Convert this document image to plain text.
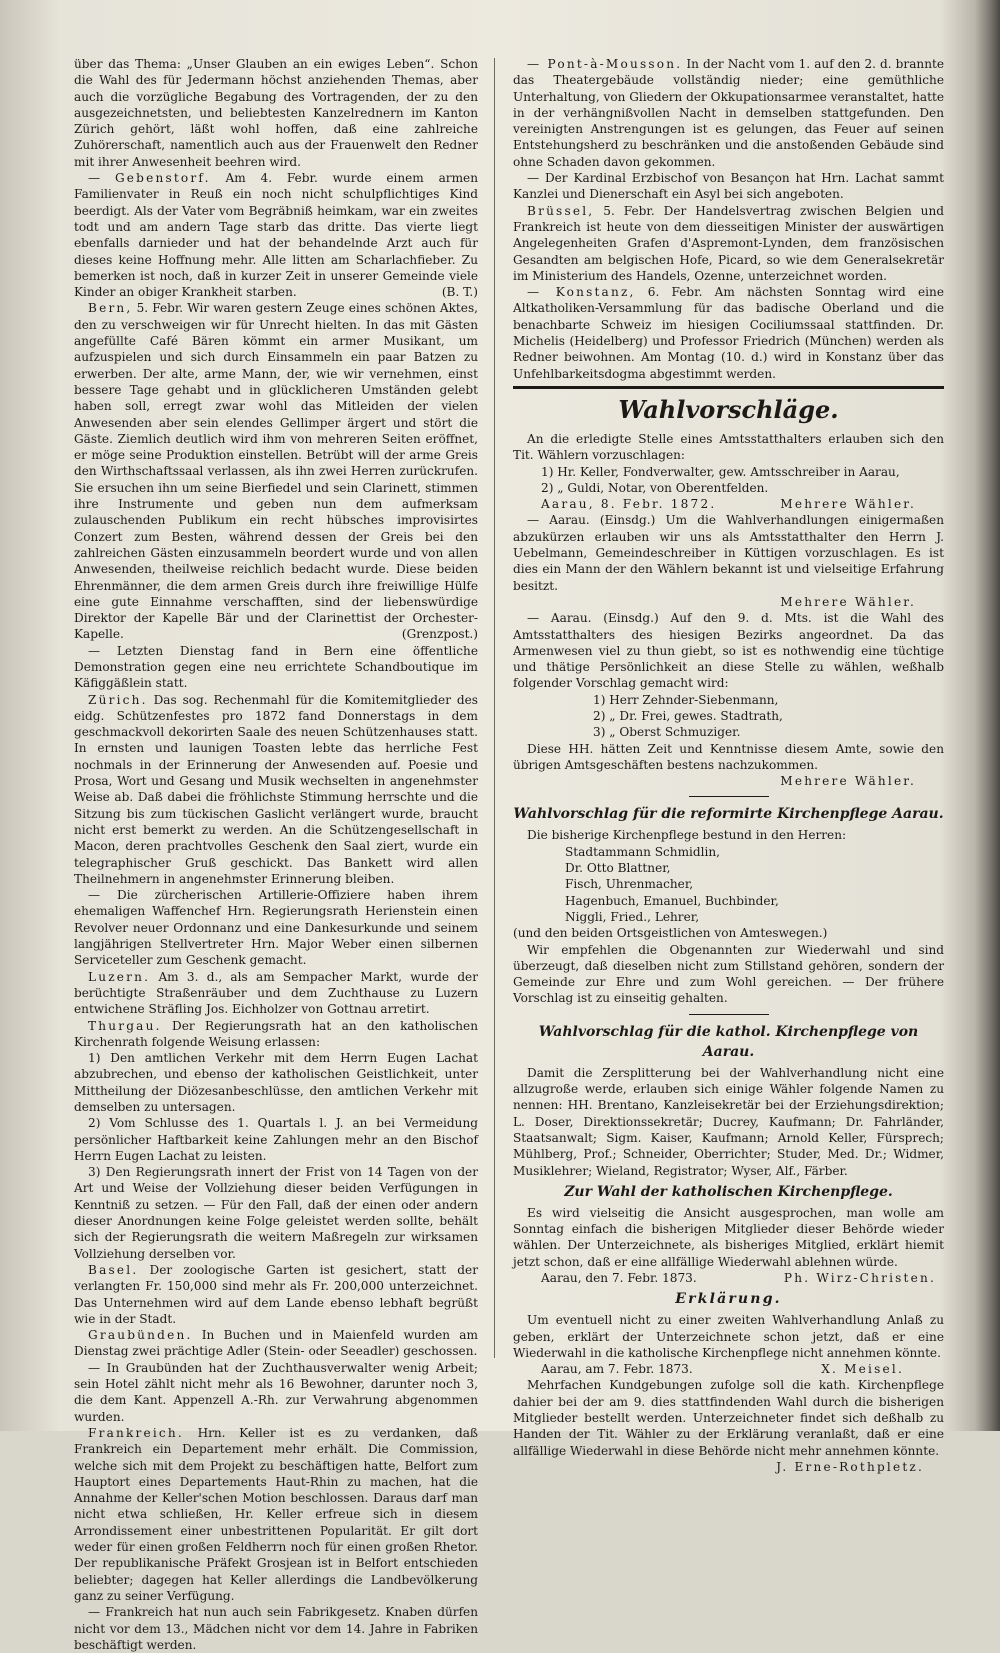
über das Thema: „Unser Glauben an ein ewiges Leben“. Schon die Wahl des für Jedermann höchst anziehenden Themas, aber auch die vorzügliche Begabung des Vortragenden, der zu den ausgezeichnetsten, und beliebtesten Kanzelrednern im Kanton Zürich gehört, läßt wohl hoffen, daß eine zahlreiche Zuhörerschaft, namentlich auch aus der Frauenwelt den Redner mit ihrer Anwesenheit beehren wird.

— Gebenstorf. Am 4. Febr. wurde einem armen Familienvater in Reuß ein noch nicht schulpflichtiges Kind beerdigt. Als der Vater vom Begräbniß heimkam, war ein zweites todt und am andern Tage starb das dritte. Das vierte liegt ebenfalls darnieder und hat der behandelnde Arzt auch für dieses keine Hoffnung mehr. Alle litten am Scharlachfieber. Zu bemerken ist noch, daß in kurzer Zeit in unserer Gemeinde viele Kinder an obiger Krankheit starben.	(B. T.)

Bern, 5. Febr. Wir waren gestern Zeuge eines schönen Aktes, den zu verschweigen wir für Unrecht hielten. In das mit Gästen angefüllte Café Bären kömmt ein armer Musikant, um aufzuspielen und sich durch Einsammeln ein paar Batzen zu erwerben. Der alte, arme Mann, der, wie wir vernehmen, einst bessere Tage gehabt und in glücklicheren Umständen gelebt haben soll, erregt zwar wohl das Mitleiden der vielen Anwesenden aber sein elendes Gellimper ärgert und stört die Gäste. Ziemlich deutlich wird ihm von mehreren Seiten eröffnet, er möge seine Produktion einstellen. Betrübt will der arme Greis den Wirthschaftssaal verlassen, als ihn zwei Herren zurückrufen. Sie ersuchen ihn um seine Bierfiedel und sein Clarinett, stimmen ihre Instrumente und geben nun dem aufmerksam zulauschenden Publikum ein recht hübsches improvisirtes Conzert zum Besten, während dessen der Greis bei den zahlreichen Gästen einzusammeln beordert wurde und von allen Anwesenden, theilweise reichlich bedacht wurde. Diese beiden Ehrenmänner, die dem armen Greis durch ihre freiwillige Hülfe eine gute Einnahme verschafften, sind der liebenswürdige Direktor der Kapelle Bär und der Clarinettist der Orchester-Kapelle.	(Grenzpost.)

— Letzten Dienstag fand in Bern eine öffentliche Demonstration gegen eine neu errichtete Schandboutique im Käfiggäßlein statt.

Zürich. Das sog. Rechenmahl für die Komitemitglieder des eidg. Schützenfestes pro 1872 fand Donnerstags in dem geschmackvoll dekorirten Saale des neuen Schützenhauses statt. In ernsten und launigen Toasten lebte das herrliche Fest nochmals in der Erinnerung der Anwesenden auf. Poesie und Prosa, Wort und Gesang und Musik wechselten in angenehmster Weise ab. Daß dabei die fröhlichste Stimmung herrschte und die Sitzung bis zum tückischen Gaslicht verlängert wurde, braucht nicht erst bemerkt zu werden. An die Schützengesellschaft in Macon, deren prachtvolles Geschenk den Saal ziert, wurde ein telegraphischer Gruß geschickt. Das Bankett wird allen Theilnehmern in angenehmster Erinnerung bleiben.

— Die zürcherischen Artillerie-Offiziere haben ihrem ehemaligen Waffenchef Hrn. Regierungsrath Herienstein einen Revolver neuer Ordonnanz und eine Dankesurkunde und seinem langjährigen Stellvertreter Hrn. Major Weber einen silbernen Serviceteller zum Geschenk gemacht.

Luzern. Am 3. d., als am Sempacher Markt, wurde der berüchtigte Straßenräuber und dem Zuchthause zu Luzern entwichene Sträfling Jos. Eichholzer von Gottnau arretirt.

Thurgau. Der Regierungsrath hat an den katholischen Kirchenrath folgende Weisung erlassen:

1) Den amtlichen Verkehr mit dem Herrn Eugen Lachat abzubrechen, und ebenso der katholischen Geistlichkeit, unter Mittheilung der Diözesanbeschlüsse, den amtlichen Verkehr mit demselben zu untersagen.

2) Vom Schlusse des 1. Quartals l. J. an bei Vermeidung persönlicher Haftbarkeit keine Zahlungen mehr an den Bischof Herrn Eugen Lachat zu leisten.

3) Den Regierungsrath innert der Frist von 14 Tagen von der Art und Weise der Vollziehung dieser beiden Verfügungen in Kenntniß zu setzen. — Für den Fall, daß der einen oder andern dieser Anordnungen keine Folge geleistet werden sollte, behält sich der Regierungsrath die weitern Maßregeln zur wirksamen Vollziehung derselben vor.

Basel. Der zoologische Garten ist gesichert, statt der verlangten Fr. 150,000 sind mehr als Fr. 200,000 unterzeichnet. Das Unternehmen wird auf dem Lande ebenso lebhaft begrüßt wie in der Stadt.

Graubünden. In Buchen und in Maienfeld wurden am Dienstag zwei prächtige Adler (Stein- oder Seeadler) geschossen.

— In Graubünden hat der Zuchthausverwalter wenig Arbeit; sein Hotel zählt nicht mehr als 16 Bewohner, darunter noch 3, die dem Kant. Appenzell A.-Rh. zur Verwahrung abgenommen wurden.

Frankreich. Hrn. Keller ist es zu verdanken, daß Frankreich ein Departement mehr erhält. Die Commission, welche sich mit dem Projekt zu beschäftigen hatte, Belfort zum Hauptort eines Departements Haut-Rhin zu machen, hat die Annahme der Keller'schen Motion beschlossen. Daraus darf man nicht etwa schließen, Hr. Keller erfreue sich in diesem Arrondissement einer unbestrittenen Popularität. Er gilt dort weder für einen großen Feldherrn noch für einen großen Rhetor. Der republikanische Präfekt Grosjean ist in Belfort entschieden beliebter; dagegen hat Keller allerdings die Landbevölkerung ganz zu seiner Verfügung.

— Frankreich hat nun auch sein Fabrikgesetz. Knaben dürfen nicht vor dem 13., Mädchen nicht vor dem 14. Jahre in Fabriken beschäftigt werden.

— Pont-à-Mousson. In der Nacht vom 1. auf den 2. d. brannte das Theatergebäude vollständig nieder; eine gemüthliche Unterhaltung, von Gliedern der Okkupationsarmee veranstaltet, hatte in der verhängnißvollen Nacht in demselben stattgefunden. Den vereinigten Anstrengungen ist es gelungen, das Feuer auf seinen Entstehungsherd zu beschränken und die anstoßenden Gebäude sind ohne Schaden davon gekommen.

— Der Kardinal Erzbischof von Besançon hat Hrn. Lachat sammt Kanzlei und Dienerschaft ein Asyl bei sich angeboten.

Brüssel, 5. Febr. Der Handelsvertrag zwischen Belgien und Frankreich ist heute von dem diesseitigen Minister der auswärtigen Angelegenheiten Grafen d'Aspremont-Lynden, dem französischen Gesandten am belgischen Hofe, Picard, so wie dem Generalsekretär im Ministerium des Handels, Ozenne, unterzeichnet worden.

— Konstanz, 6. Febr. Am nächsten Sonntag wird eine Altkatholiken-Versammlung für das badische Oberland und die benachbarte Schweiz im hiesigen Cociliumssaal stattfinden. Dr. Michelis (Heidelberg) und Professor Friedrich (München) werden als Redner beiwohnen. Am Montag (10. d.) wird in Konstanz über das Unfehlbarkeitsdogma abgestimmt werden.

Wahlvorschläge.

An die erledigte Stelle eines Amtsstatthalters erlauben sich den Tit. Wählern vorzuschlagen:

1) Hr. Keller, Fondverwalter, gew. Amtsschreiber in Aarau,
2) „ Guldi, Notar, von Oberentfelden.
Aarau, 8. Febr. 1872.	Mehrere Wähler.

— Aarau. (Einsdg.) Um die Wahlverhandlungen einigermaßen abzukürzen erlauben wir uns als Amtsstatthalter den Herrn J. Uebelmann, Gemeindeschreiber in Küttigen vorzuschlagen. Es ist dies ein Mann der den Wählern bekannt ist und vielseitige Erfahrung besitzt.

Mehrere Wähler.

— Aarau. (Einsdg.) Auf den 9. d. Mts. ist die Wahl des Amtsstatthalters des hiesigen Bezirks angeordnet. Da das Armenwesen viel zu thun giebt, so ist es nothwendig eine tüchtige und thätige Persönlichkeit an diese Stelle zu wählen, weßhalb folgender Vorschlag gemacht wird:

1) Herr Zehnder-Siebenmann,
2) „ Dr. Frei, gewes. Stadtrath,
3) „ Oberst Schmuziger.

Diese HH. hätten Zeit und Kenntnisse diesem Amte, sowie den übrigen Amtsgeschäften bestens nachzukommen.

Mehrere Wähler.
Wahlvorschlag für die reformirte Kirchenpflege Aarau.

Die bisherige Kirchenpflege bestund in den Herren:

Stadtammann Schmidlin,
Dr. Otto Blattner,
Fisch, Uhrenmacher,
Hagenbuch, Emanuel, Buchbinder,
Niggli, Fried., Lehrer,
(und den beiden Ortsgeistlichen von Amteswegen.)

Wir empfehlen die Obgenannten zur Wiederwahl und sind überzeugt, daß dieselben nicht zum Stillstand gehören, sondern der Gemeinde zur Ehre und zum Wohl gereichen. — Der frühere Vorschlag ist zu einseitig gehalten.

Wahlvorschlag für die kathol. Kirchenpflege von Aarau.

Damit die Zersplitterung bei der Wahlverhandlung nicht eine allzugroße werde, erlauben sich einige Wähler folgende Namen zu nennen: HH. Brentano, Kanzleisekretär bei der Erziehungsdirektion; L. Doser, Direktionssekretär; Ducrey, Kaufmann; Dr. Fahrländer, Staatsanwalt; Sigm. Kaiser, Kaufmann; Arnold Keller, Fürsprech; Mühlberg, Prof.; Schneider, Oberrichter; Studer, Med. Dr.; Widmer, Musiklehrer; Wieland, Registrator; Wyser, Alf., Färber.

Zur Wahl der katholischen Kirchenpflege.

Es wird vielseitig die Ansicht ausgesprochen, man wolle am Sonntag einfach die bisherigen Mitglieder dieser Behörde wieder wählen. Der Unterzeichnete, als bisheriges Mitglied, erklärt hiemit jetzt schon, daß er eine allfällige Wiederwahl ablehnen würde.

Aarau, den 7. Febr. 1873.	Ph. Wirz-Christen.
Erklärung.

Um eventuell nicht zu einer zweiten Wahlverhandlung Anlaß zu geben, erklärt der Unterzeichnete schon jetzt, daß er eine Wiederwahl in die katholische Kirchenpflege nicht annehmen könnte.

Aarau, am 7. Febr. 1873.	X. Meisel.

Mehrfachen Kundgebungen zufolge soll die kath. Kirchenpflege dahier bei der am 9. dies stattfindenden Wahl durch die bisherigen Mitglieder bestellt werden. Unterzeichneter findet sich deßhalb zu Handen der Tit. Wähler zu der Erklärung veranlaßt, daß er eine allfällige Wiederwahl in diese Behörde nicht mehr annehmen könnte.

J. Erne-Rothpletz.
